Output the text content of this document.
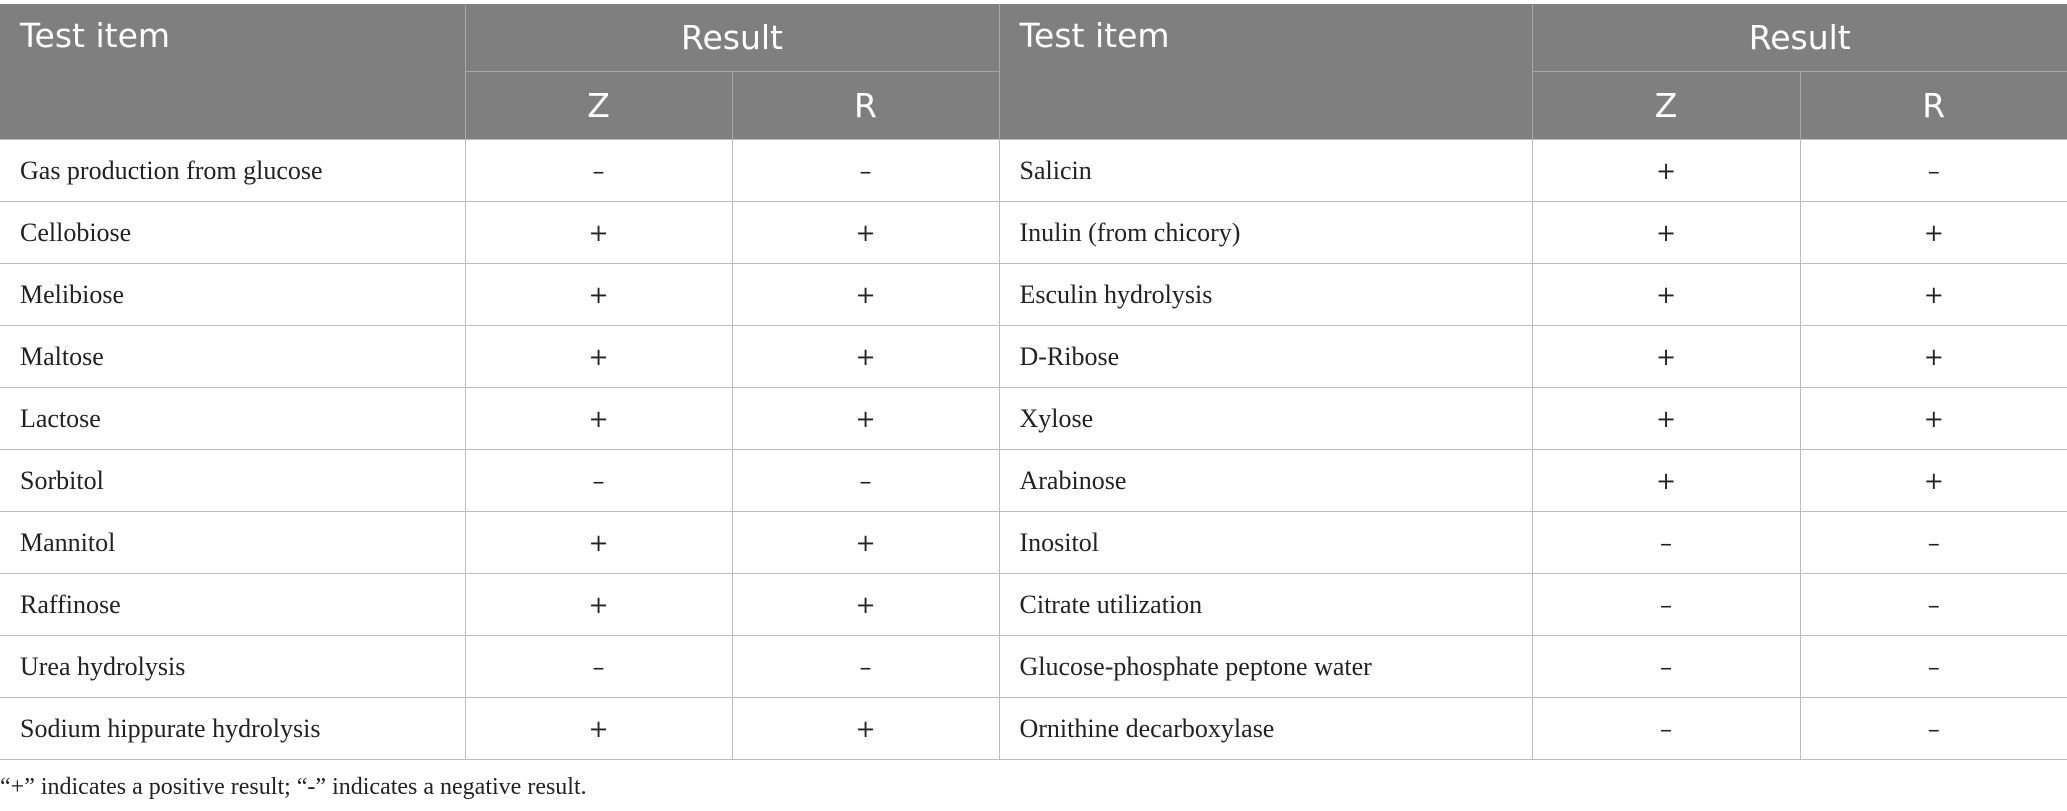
Test item	Result		Test item	Result	
	Z	R		Z	R
Gas production from glucose	–	–	Salicin	+	–
Cellobiose	+	+	Inulin (from chicory)	+	+
Melibiose	+	+	Esculin hydrolysis	+	+
Maltose	+	+	D-Ribose	+	+
Lactose	+	+	Xylose	+	+
Sorbitol	–	–	Arabinose	+	+
Mannitol	+	+	Inositol	–	–
Raffinose	+	+	Citrate utilization	–	–
Urea hydrolysis	–	–	Glucose-phosphate peptone water	–	–
Sodium hippurate hydrolysis	+	+	Ornithine decarboxylase	–	–
“+” indicates a positive result; “-” indicates a negative result.
